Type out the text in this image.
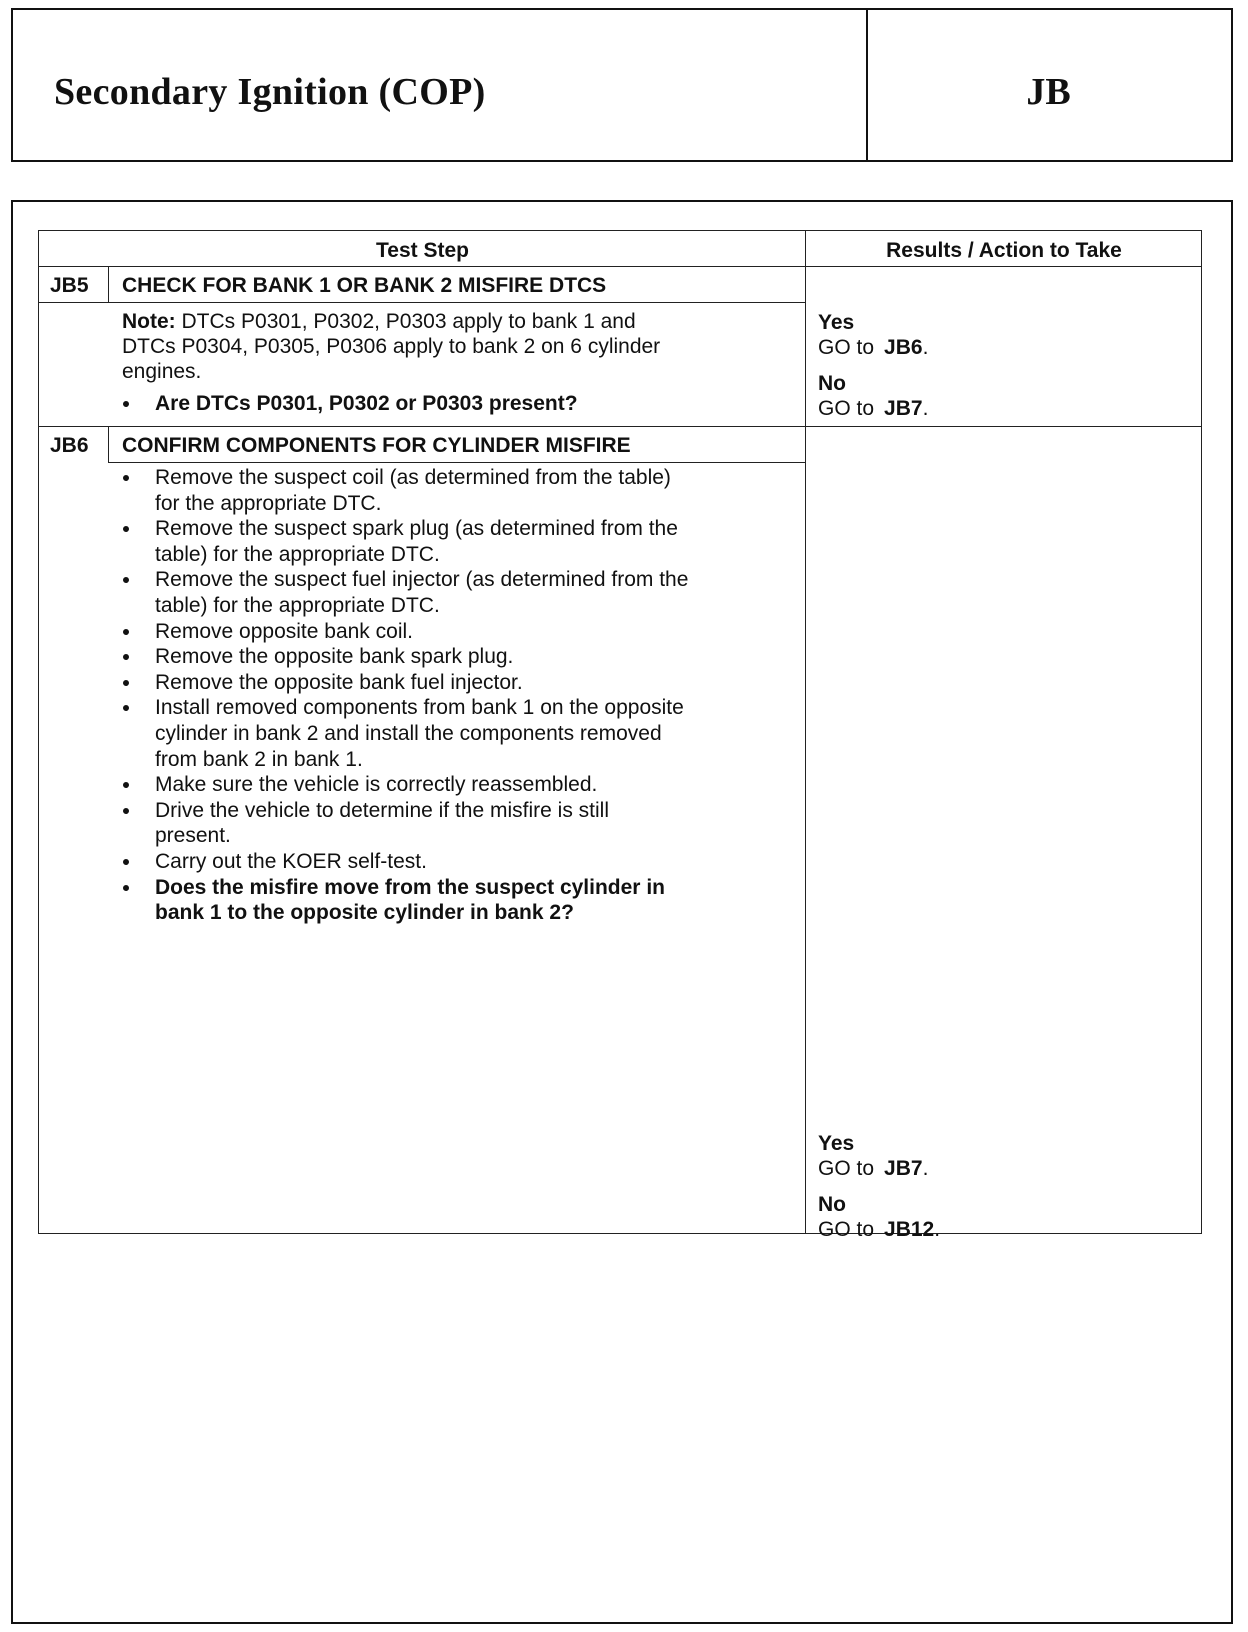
Secondary Ignition (COP)	JB
Test Step	Results / Action to Take
JB5 CHECK FOR BANK 1 OR BANK 2 MISFIRE DTCS
Note: DTCs P0301, P0302, P0303 apply to bank 1 and
DTCs P0304, P0305, P0306 apply to bank 2 on 6 cylinder
engines.
Are DTCs P0301, P0302 or P0303 present?
Yes
GO to JB6.
No
GO to JB7.
JB6 CONFIRM COMPONENTS FOR CYLINDER MISFIRE
Remove the suspect coil (as determined from the table)
for the appropriate DTC.
Remove the suspect spark plug (as determined from the
table) for the appropriate DTC.
Remove the suspect fuel injector (as determined from the
table) for the appropriate DTC.
Remove opposite bank coil.
Remove the opposite bank spark plug.
Remove the opposite bank fuel injector.
Install removed components from bank 1 on the opposite
cylinder in bank 2 and install the components removed
from bank 2 in bank 1.
Make sure the vehicle is correctly reassembled.
Drive the vehicle to determine if the misfire is still
present.
Carry out the KOER self-test.
Does the misfire move from the suspect cylinder in
bank 1 to the opposite cylinder in bank 2?
Yes
GO to JB7.
No
GO to JB12.
